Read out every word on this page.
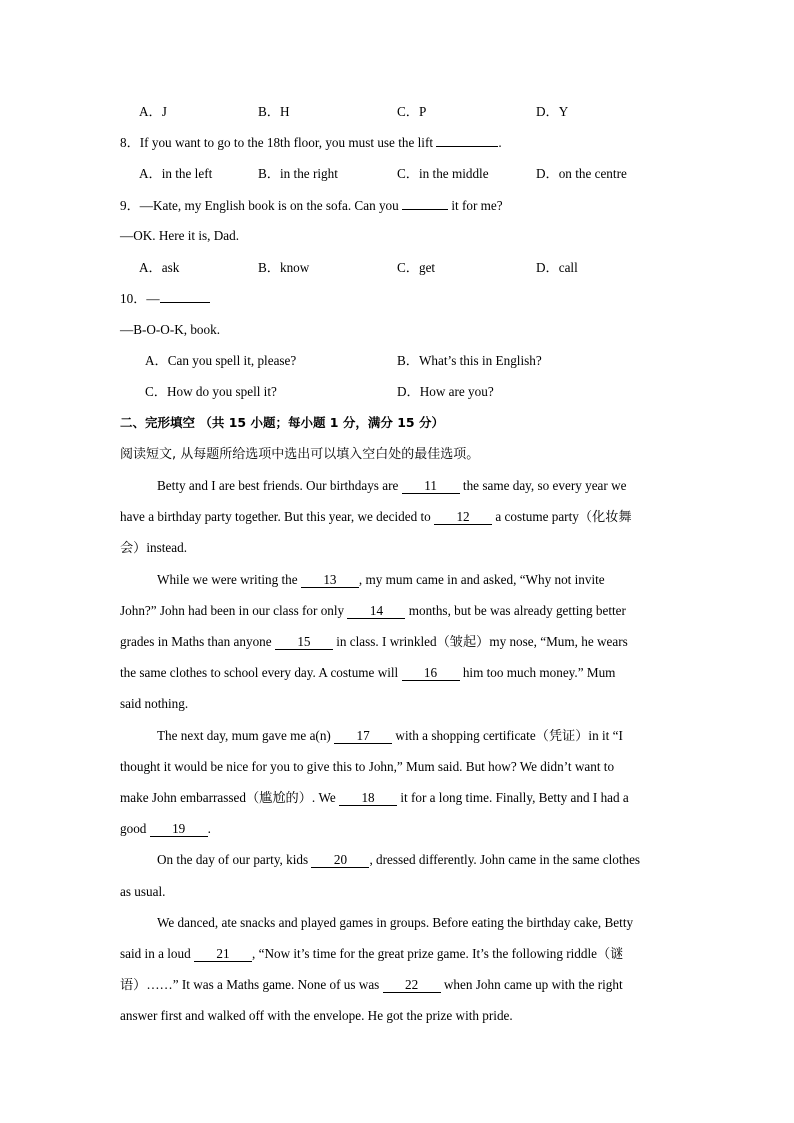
A．J	B．H	C．P	D．Y
8．If you want to go to the 18th floor, you must use the lift	.
A．in the left	B．in the right	C．in the middle	D．on the centre
9．—Kate, my English book is on the sofa. Can you	it for me?
—OK. Here it is, Dad.
A．ask	B．know	C．get	D．call
10．—
—B-O-O-K, book.
A．Can you spell it, please?	B．What’s this in English?
C．How do you spell it?	D．How are you?
二、完形填空 （共 15 小题；每小题 1 分，满分 15 分）
阅读短文, 从每题所给选项中选出可以填入空白处的最佳选项。
Betty and I are best friends. Our birthdays are 11 the same day, so every year we
have a birthday party together. But this year, we decided to 12 a costume party（化妆舞
会）instead.
While we were writing the 13 , my mum came in and asked, “Why not invite
John?” John had been in our class for only 14 months, but be was already getting better
grades in Maths than anyone 15 in class. I wrinkled（皱起）my nose, “Mum, he wears
the same clothes to school every day. A costume will 16 him too much money.” Mum
said nothing.
The next day, mum gave me a(n) 17 with a shopping certificate（凭证）in it “I
thought it would be nice for you to give this to John,” Mum said. But how? We didn’t want to
make John embarrassed（尴尬的）. We 18 it for a long time. Finally, Betty and I had a
good 19 .
On the day of our party, kids 20 , dressed differently. John came in the same clothes
as usual.
We danced, ate snacks and played games in groups. Before eating the birthday cake, Betty
said in a loud 21 , “Now it’s time for the great prize game. It’s the following riddle（谜
语）……” It was a Maths game. None of us was 22 when John came up with the right
answer first and walked off with the envelope. He got the prize with pride.
